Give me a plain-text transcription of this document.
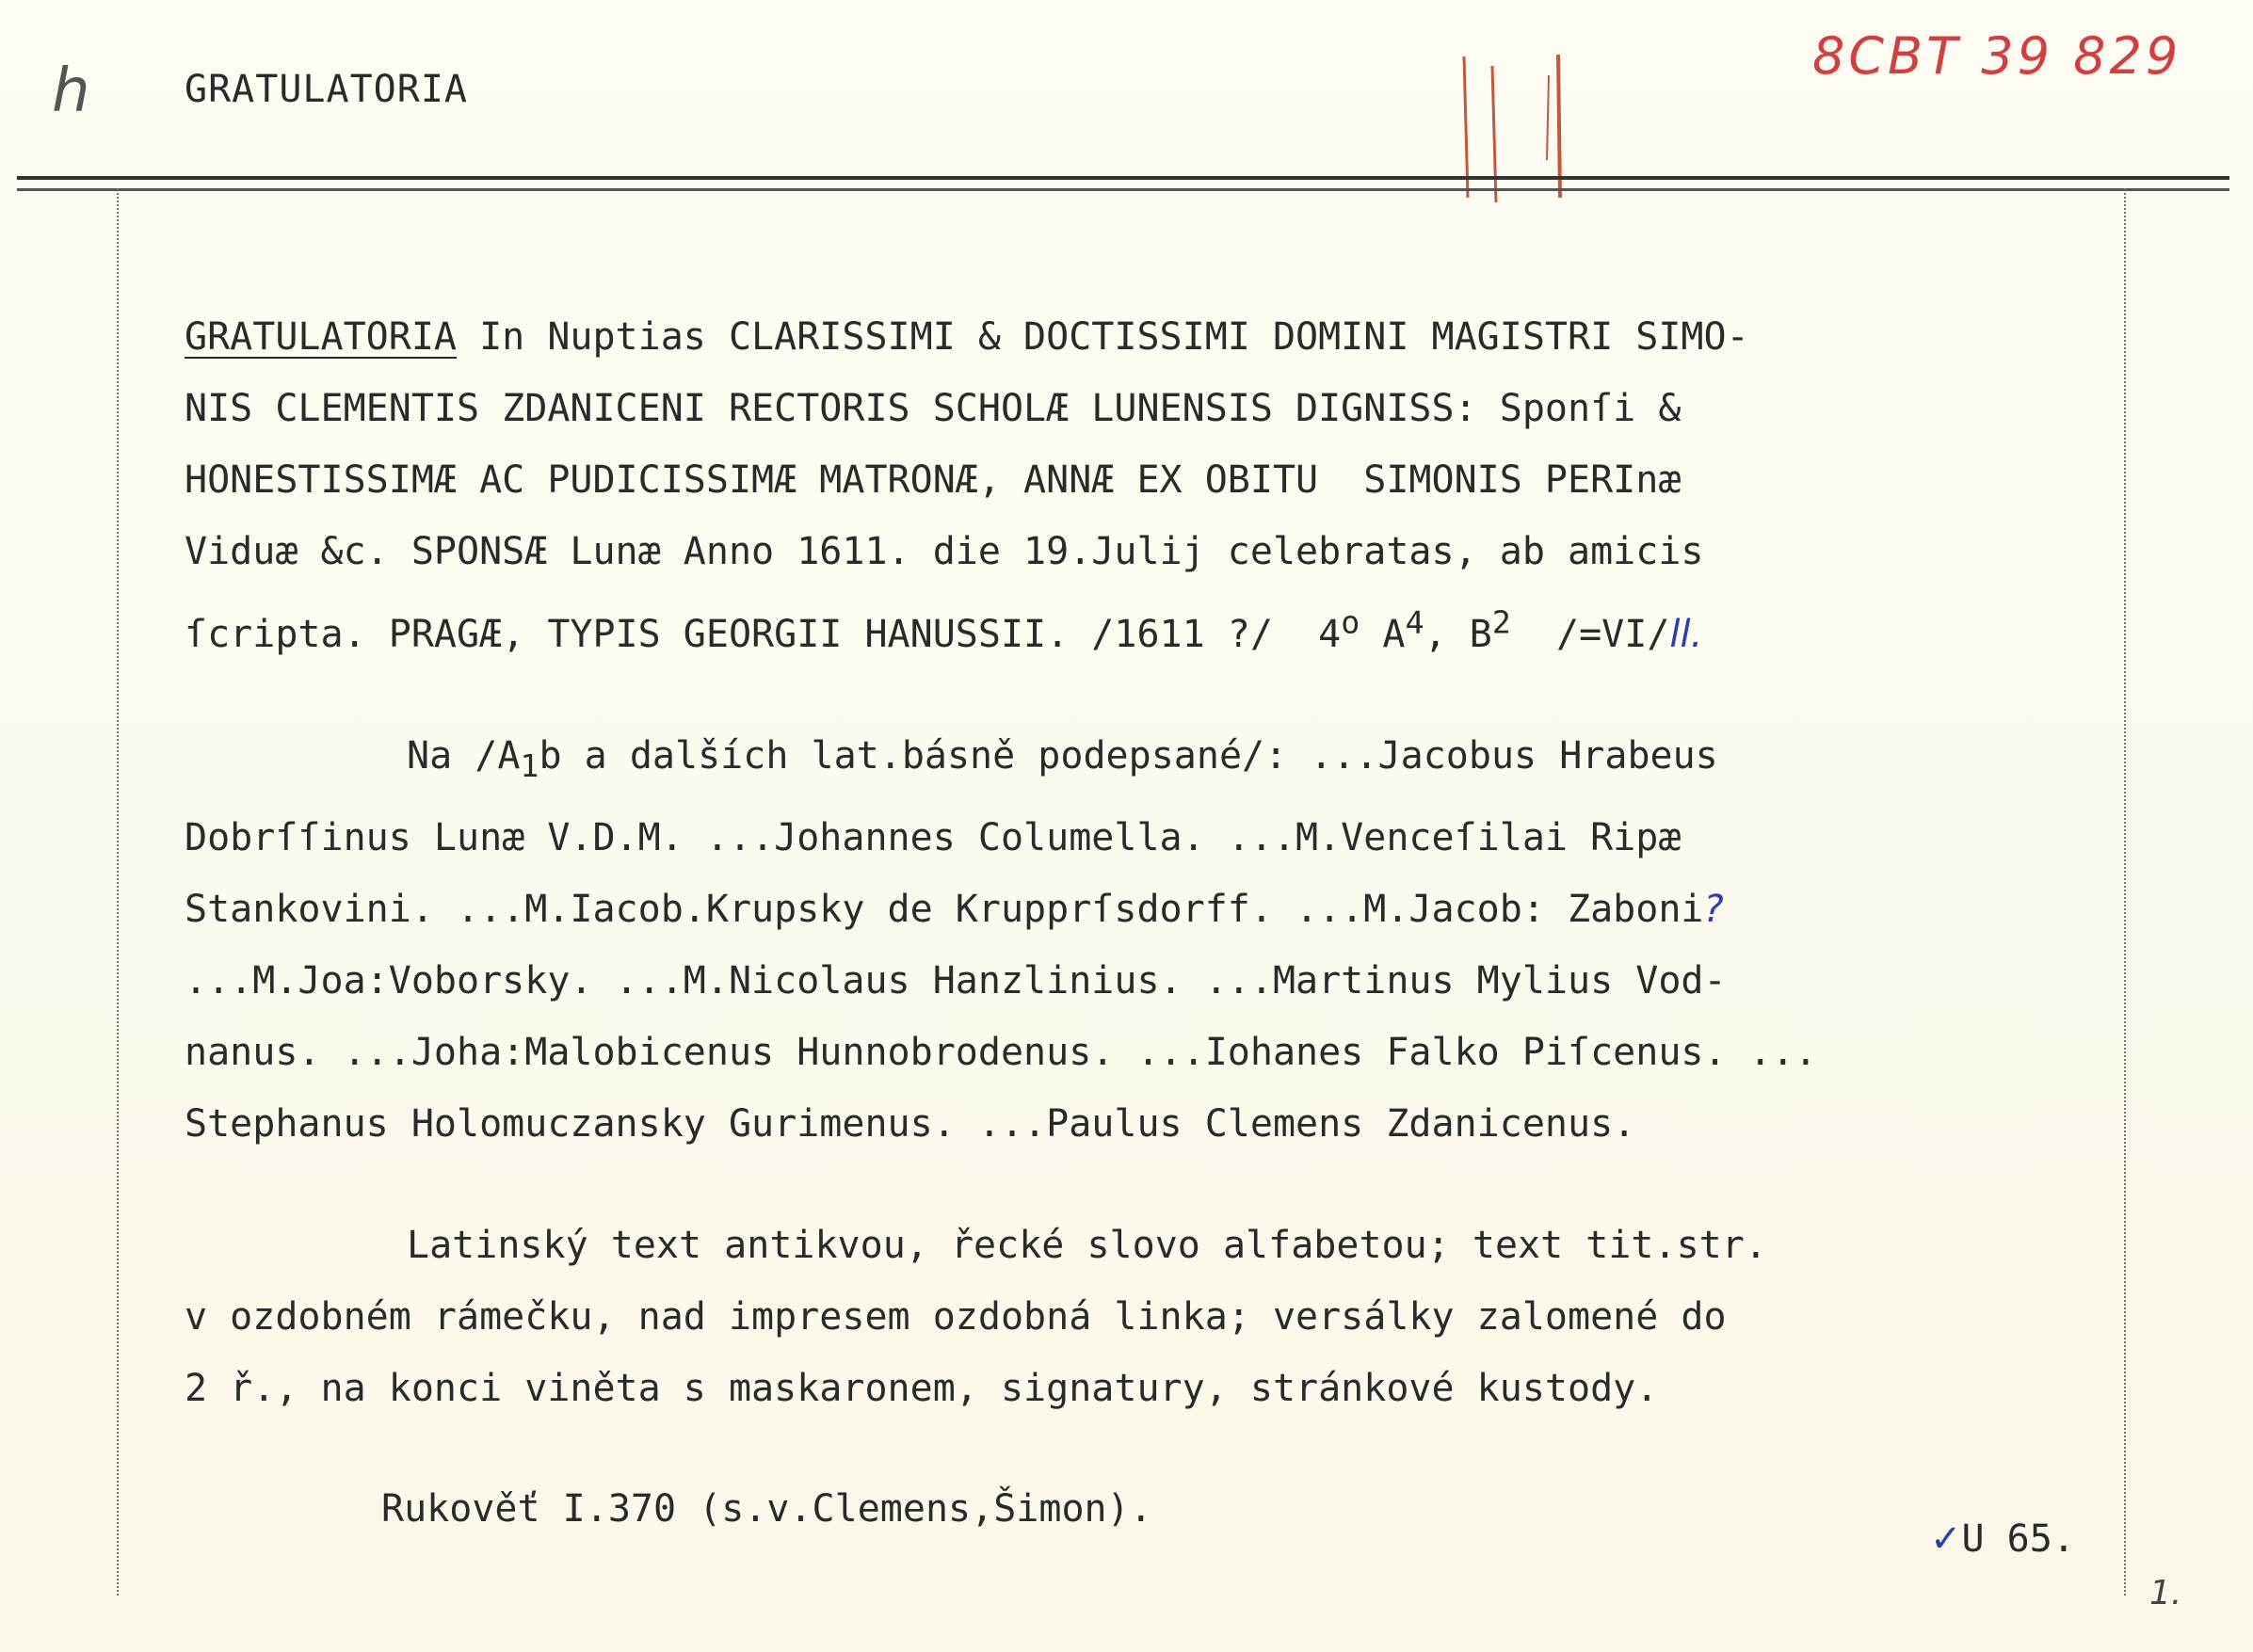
h
8CBT 39 829
GRATULATORIA

GRATULATORIA In Nuptias CLARISSIMI & DOCTISSIMI DOMINI MAGISTRI SIMO-
NIS CLEMENTIS ZDANICENI RECTORIS SCHOLÆ LUNENSIS DIGNISS: Sponſi &
HONESTISSIMÆ AC PUDICISSIMÆ MATRONÆ, ANNÆ EX OBITU  SIMONIS PERInæ
Viduæ &c. SPONSÆ Lunæ Anno 1611. die 19.Julij celebratas, ab amicis
ſcripta. PRAGÆ, TYPIS GEORGII HANUSSII. /1611 ?/  4$^o$ $A^4$, $B^2$  /=VI/ll.

Na $/A_1b$ a dalších lat.básně podepsané/: ...Jacobus Hrabeus
Dobrſſinus Lunæ V.D.M. ...Johannes Columella. ...M.Venceſilai Ripæ
Stankovini. ...M.Iacob.Krupsky de Krupprſsdorff. ...M.Jacob: Zaboni?
...M.Joa:Voborsky. ...M.Nicolaus Hanzlinius. ...Martinus Mylius Vod-
nanus. ...Joha:Malobicenus Hunnobrodenus. ...Iohanes Falko Piſcenus. ...
Stephanus Holomuczansky Gurimenus. ...Paulus Clemens Zdanicenus.

Latinský text antikvou, řecké slovo alfabetou; text tit.str.
v ozdobném rámečku, nad impresem ozdobná linka; versálky zalomené do
2 ř., na konci viněta s maskaronem, signatury, stránkové kustody.

Rukověť I.370 (s.v.Clemens,Šimon).
✓U 65.
1.
